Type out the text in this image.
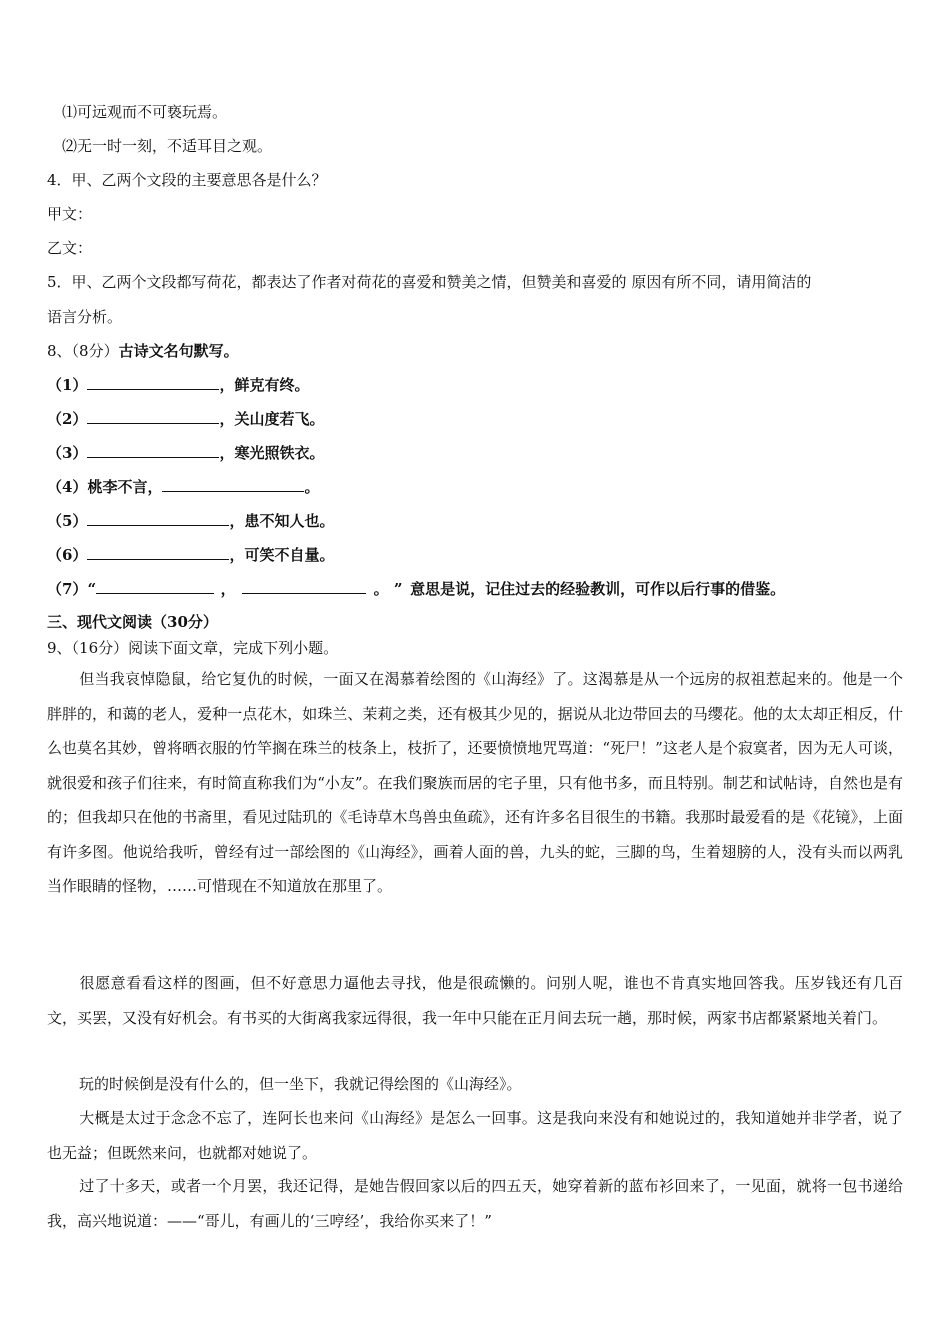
⑴可远观而不可亵玩焉。
⑵无一时一刻，不适耳目之观。
4．甲、乙两个文段的主要意思各是什么？
甲文：
乙文：
5．甲、乙两个文段都写荷花，都表达了作者对荷花的喜爱和赞美之情，但赞美和喜爱的 原因有所不同，请用简洁的
语言分析。
8、（8分）古诗文名句默写。
（1）	，鲜克有终。
（2）	，关山度若飞。
（3）	，寒光照铁衣。
（4）桃李不言，	。
（5）	，患不知人也。
（6）	，可笑不自量。
（7）“	，	。 ” 意思是说，记住过去的经验教训，可作以后行事的借鉴。
三、现代文阅读（30分）
9、（16分）阅读下面文章，完成下列小题。
但当我哀悼隐鼠，给它复仇的时候，一面又在渴慕着绘图的《山海经》了。这渴慕是从一个远房的叔祖惹起来的。他是一个胖胖的，和蔼的老人，爱种一点花木，如珠兰、茉莉之类，还有极其少见的，据说从北边带回去的马缨花。他的太太却正相反，什么也莫名其妙，曾将晒衣服的竹竿搁在珠兰的枝条上，枝折了，还要愤愤地咒骂道：“死尸！”这老人是个寂寞者，因为无人可谈，就很爱和孩子们往来，有时简直称我们为“小友”。在我们聚族而居的宅子里，只有他书多，而且特别。制艺和试帖诗，自然也是有的；但我却只在他的书斋里，看见过陆玑的《毛诗草木鸟兽虫鱼疏》，还有许多名目很生的书籍。我那时最爱看的是《花镜》，上面有许多图。他说给我听，曾经有过一部绘图的《山海经》，画着人面的兽，九头的蛇，三脚的鸟，生着翅膀的人，没有头而以两乳当作眼睛的怪物，……可惜现在不知道放在那里了。
很愿意看看这样的图画，但不好意思力逼他去寻找，他是很疏懒的。问别人呢，谁也不肯真实地回答我。压岁钱还有几百文，买罢，又没有好机会。有书买的大街离我家远得很，我一年中只能在正月间去玩一趟，那时候，两家书店都紧紧地关着门。
玩的时候倒是没有什么的，但一坐下，我就记得绘图的《山海经》。
大概是太过于念念不忘了，连阿长也来问《山海经》是怎么一回事。这是我向来没有和她说过的，我知道她并非学者，说了也无益；但既然来问，也就都对她说了。
过了十多天，或者一个月罢，我还记得，是她告假回家以后的四五天，她穿着新的蓝布衫回来了，一见面，就将一包书递给我，高兴地说道：——“哥儿，有画儿的‘三哼经’，我给你买来了！”
